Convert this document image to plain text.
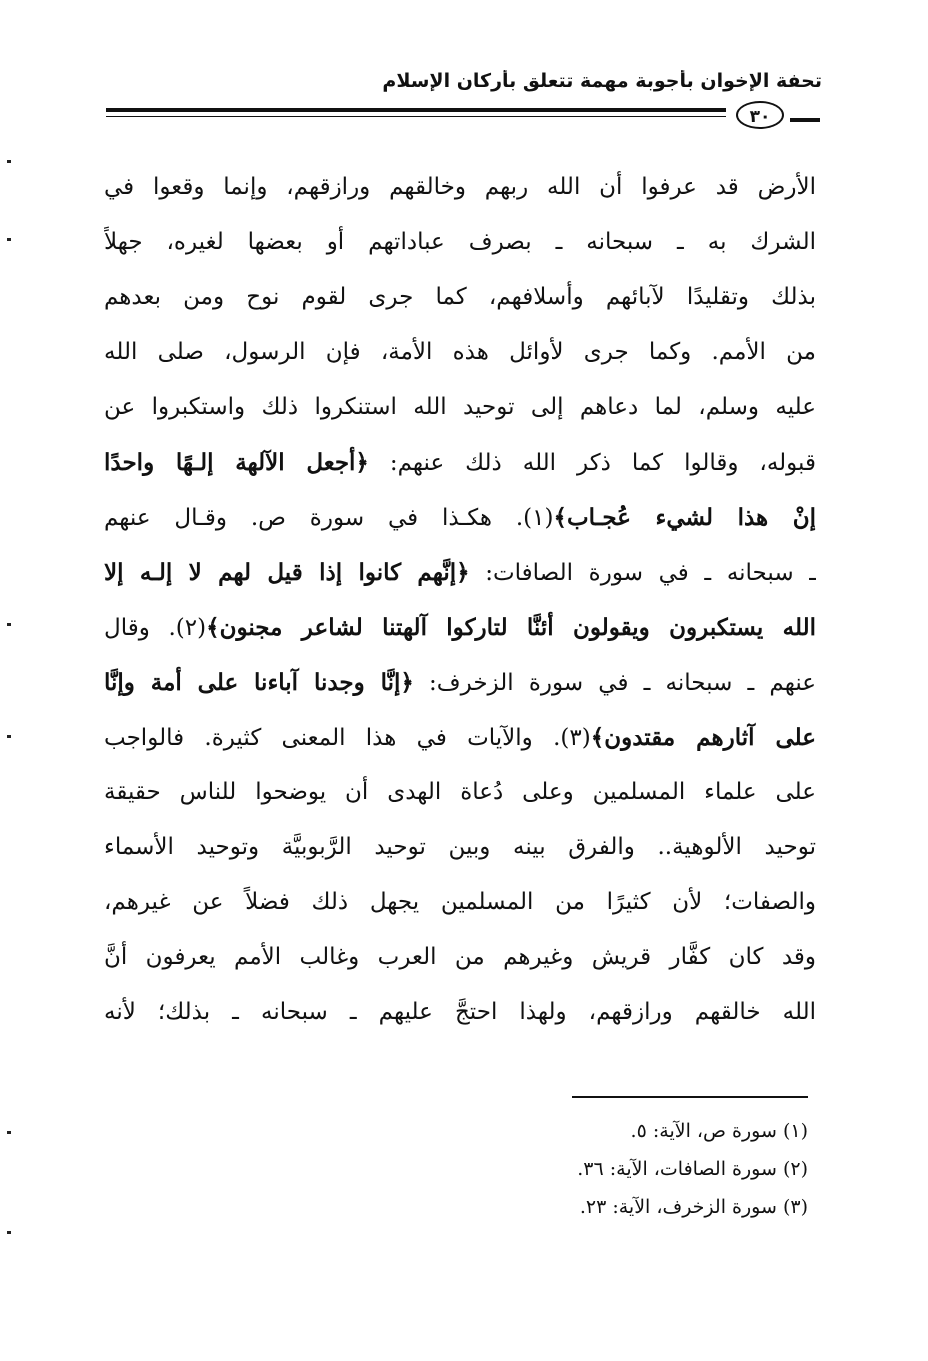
تحفة الإخوان بأجوبة مهمة تتعلق بأركان الإسلام
٣٠
الأرض قد عرفوا أن الله ربهم وخالقهم ورازقهم، وإنما وقعوا في
الشرك به ـ سبحانه ـ بصرف عباداتهم أو بعضها لغيره، جهلاً
بذلك وتقليدًا لآبائهم وأسلافهم، كما جرى لقوم نوح ومن بعدهم
من الأمم. وكما جرى لأوائل هذه الأمة، فإن الرسول، صلى الله
عليه وسلم، لما دعاهم إلى توحيد الله استنكروا ذلك واستكبروا عن
قبوله، وقالوا كما ذكر الله ذلك عنهم: ﴿أجعل الآلهة إلـهًا واحدًا
إنْ هذا لشيء عُجـاب﴾(١). هكـذا في سورة ص. وقـال عنهم
ـ سبحانه ـ في سورة الصافات: ﴿إنَّهم كانوا إذا قيل لهم لا إلـه إلا
الله يستكبرون ويقولون أئنَّا لتاركوا آلهتنا لشاعر مجنون﴾(٢). وقال
عنهم ـ سبحانه ـ في سورة الزخرف: ﴿إنَّا وجدنا آباءنا على أمة وإنَّا
على آثارهم مقتدون﴾(٣). والآيات في هذا المعنى كثيرة. فالواجب
على علماء المسلمين وعلى دُعاة الهدى أن يوضحوا للناس حقيقة
توحيد الألوهية.. والفرق بينه وبين توحيد الرَّبوبيَّة وتوحيد الأسماء
والصفات؛ لأن كثيرًا من المسلمين يجهل ذلك فضلاً عن غيرهم،
وقد كان كفَّار قريش وغيرهم من العرب وغالب الأمم يعرفون أنَّ
الله خالقهم ورازقهم، ولهذا احتجَّ عليهم ـ سبحانه ـ بذلك؛ لأنه
(١) سورة ص، الآية: ٥.
(٢) سورة الصافات، الآية: ٣٦.
(٣) سورة الزخرف، الآية: ٢٣.
